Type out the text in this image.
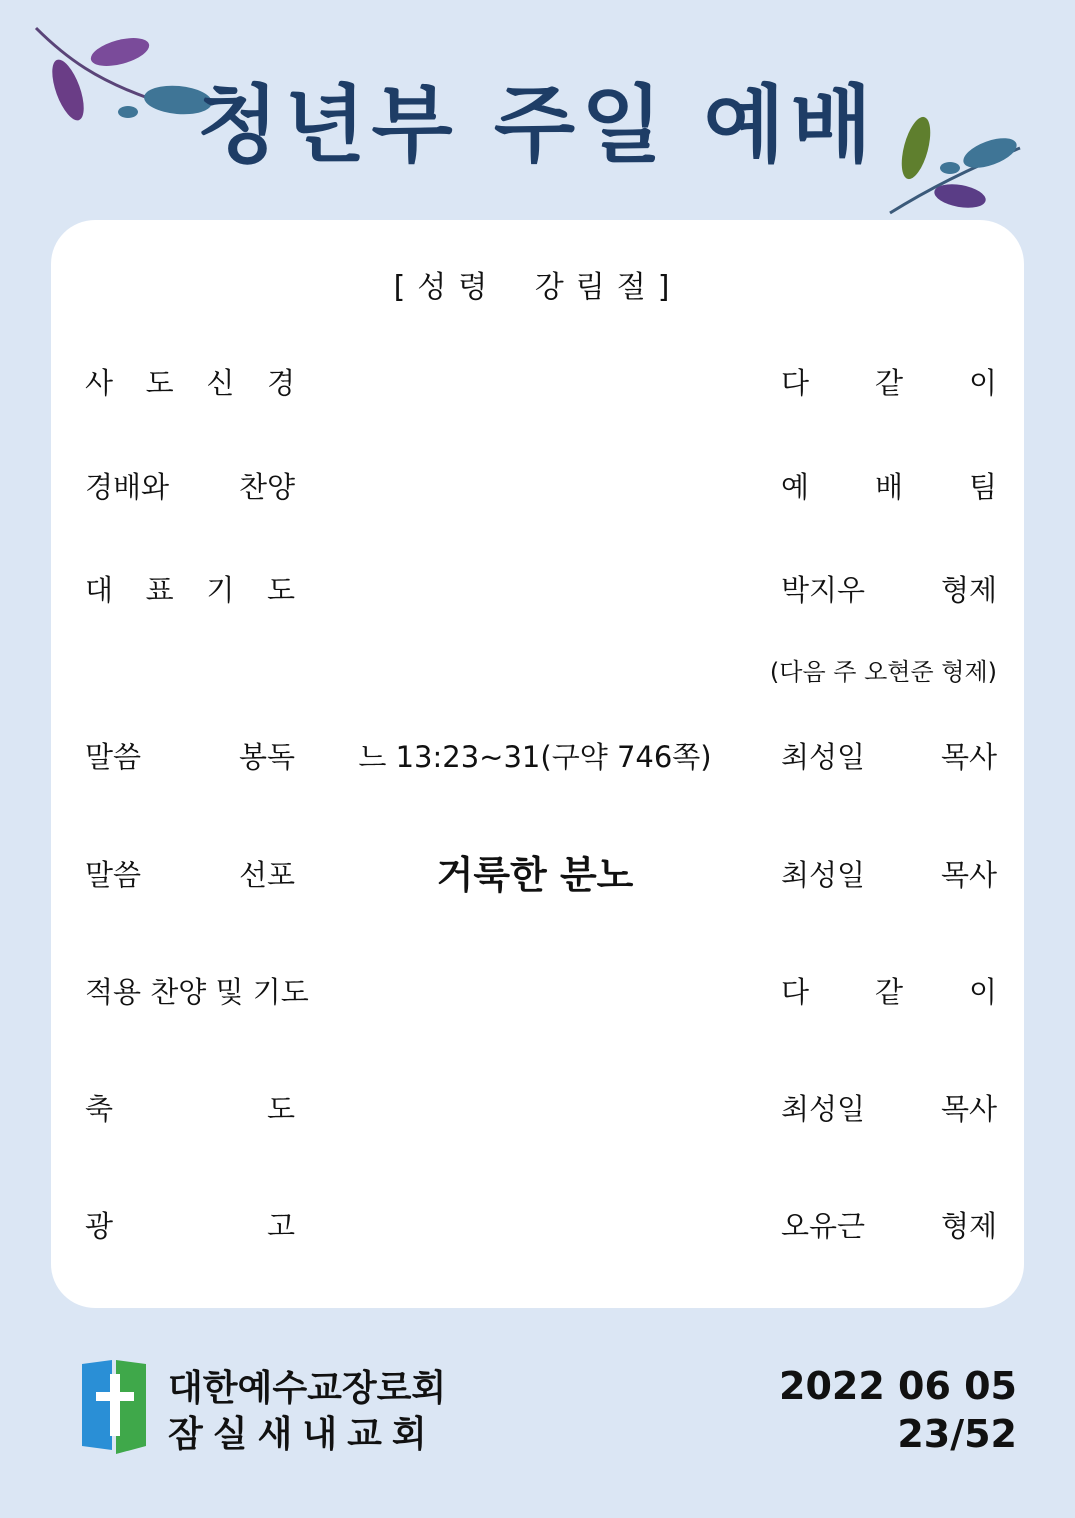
청년부 주일 예배
[성령 강림절]
사 도 신 경	다 같 이
경배와 찬양	예 배 팀
대 표 기 도	박지우	형제
말씀	봉독	느 13:23~31(구약 746쪽)	최성일	목사
말씀	선포	거룩한 분노	최성일	목사
적용 찬양 및 기도	다 같 이
축	도	최성일	목사
광	고	오유근	형제
(다음 주 오현준 형제)
대한예수교장로회
잠실새내교회
2022 06 05
23/52
